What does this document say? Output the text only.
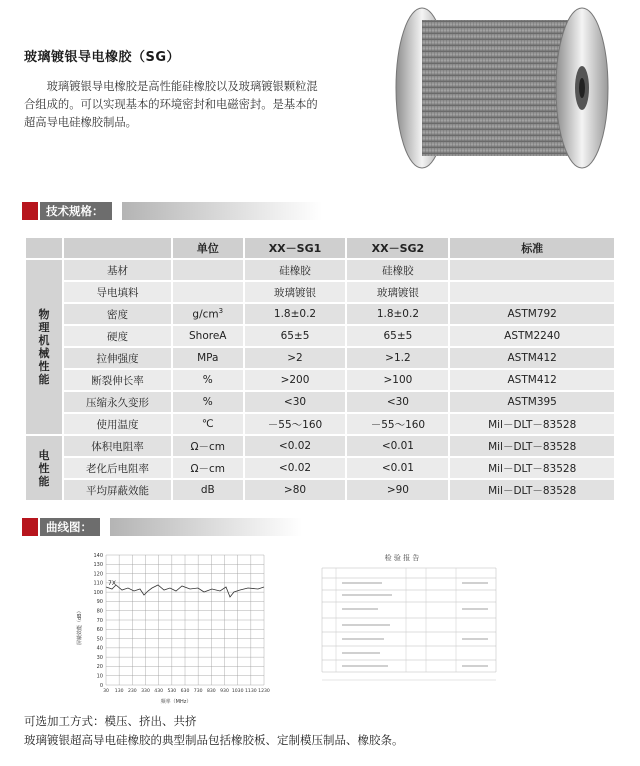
玻璃镀银导电橡胶（SG）
玻璃镀银导电橡胶是高性能硅橡胶以及玻璃镀银颗粒混合组成的。可以实现基本的环境密封和电磁密封。是基本的超高导电硅橡胶制品。
技术规格：
		单位	XX－SG1	XX－SG2	标准
物理机械性能	基材		硅橡胶	硅橡胶	
	导电填料		玻璃镀银	玻璃镀银	
	密度	$g/cm^3$	1.8±0.2	1.8±0.2	ASTM792
	硬度	ShoreA	65±5	65±5	ASTM2240
	拉伸强度	MPa	>2	>1.2	ASTM412
	断裂伸长率	%	>200	>100	ASTM412
	压缩永久变形	%	<30	<30	ASTM395
	使用温度	℃	－55～160	－55～160	Mil－DLT－83528
电性能	体积电阻率	Ω－cm	<0.02	<0.01	Mil－DLT－83528
	老化后电阻率	Ω－cm	<0.02	<0.01	Mil－DLT－83528
	平均屏蔽效能	dB	>80	>90	Mil－DLT－83528
曲线图：
140
130
120
110
100
90
80
70
60
50
40
30
20
10
0
30 130 230 330 430 530 630 730 830 930 1030 1130 1230
7X
屏蔽效能（dB）
频率（MHz）
检 验 报 告
可选加工方式：模压、挤出、共挤
玻璃镀银超高导电硅橡胶的典型制品包括橡胶板、定制模压制品、橡胶条。
